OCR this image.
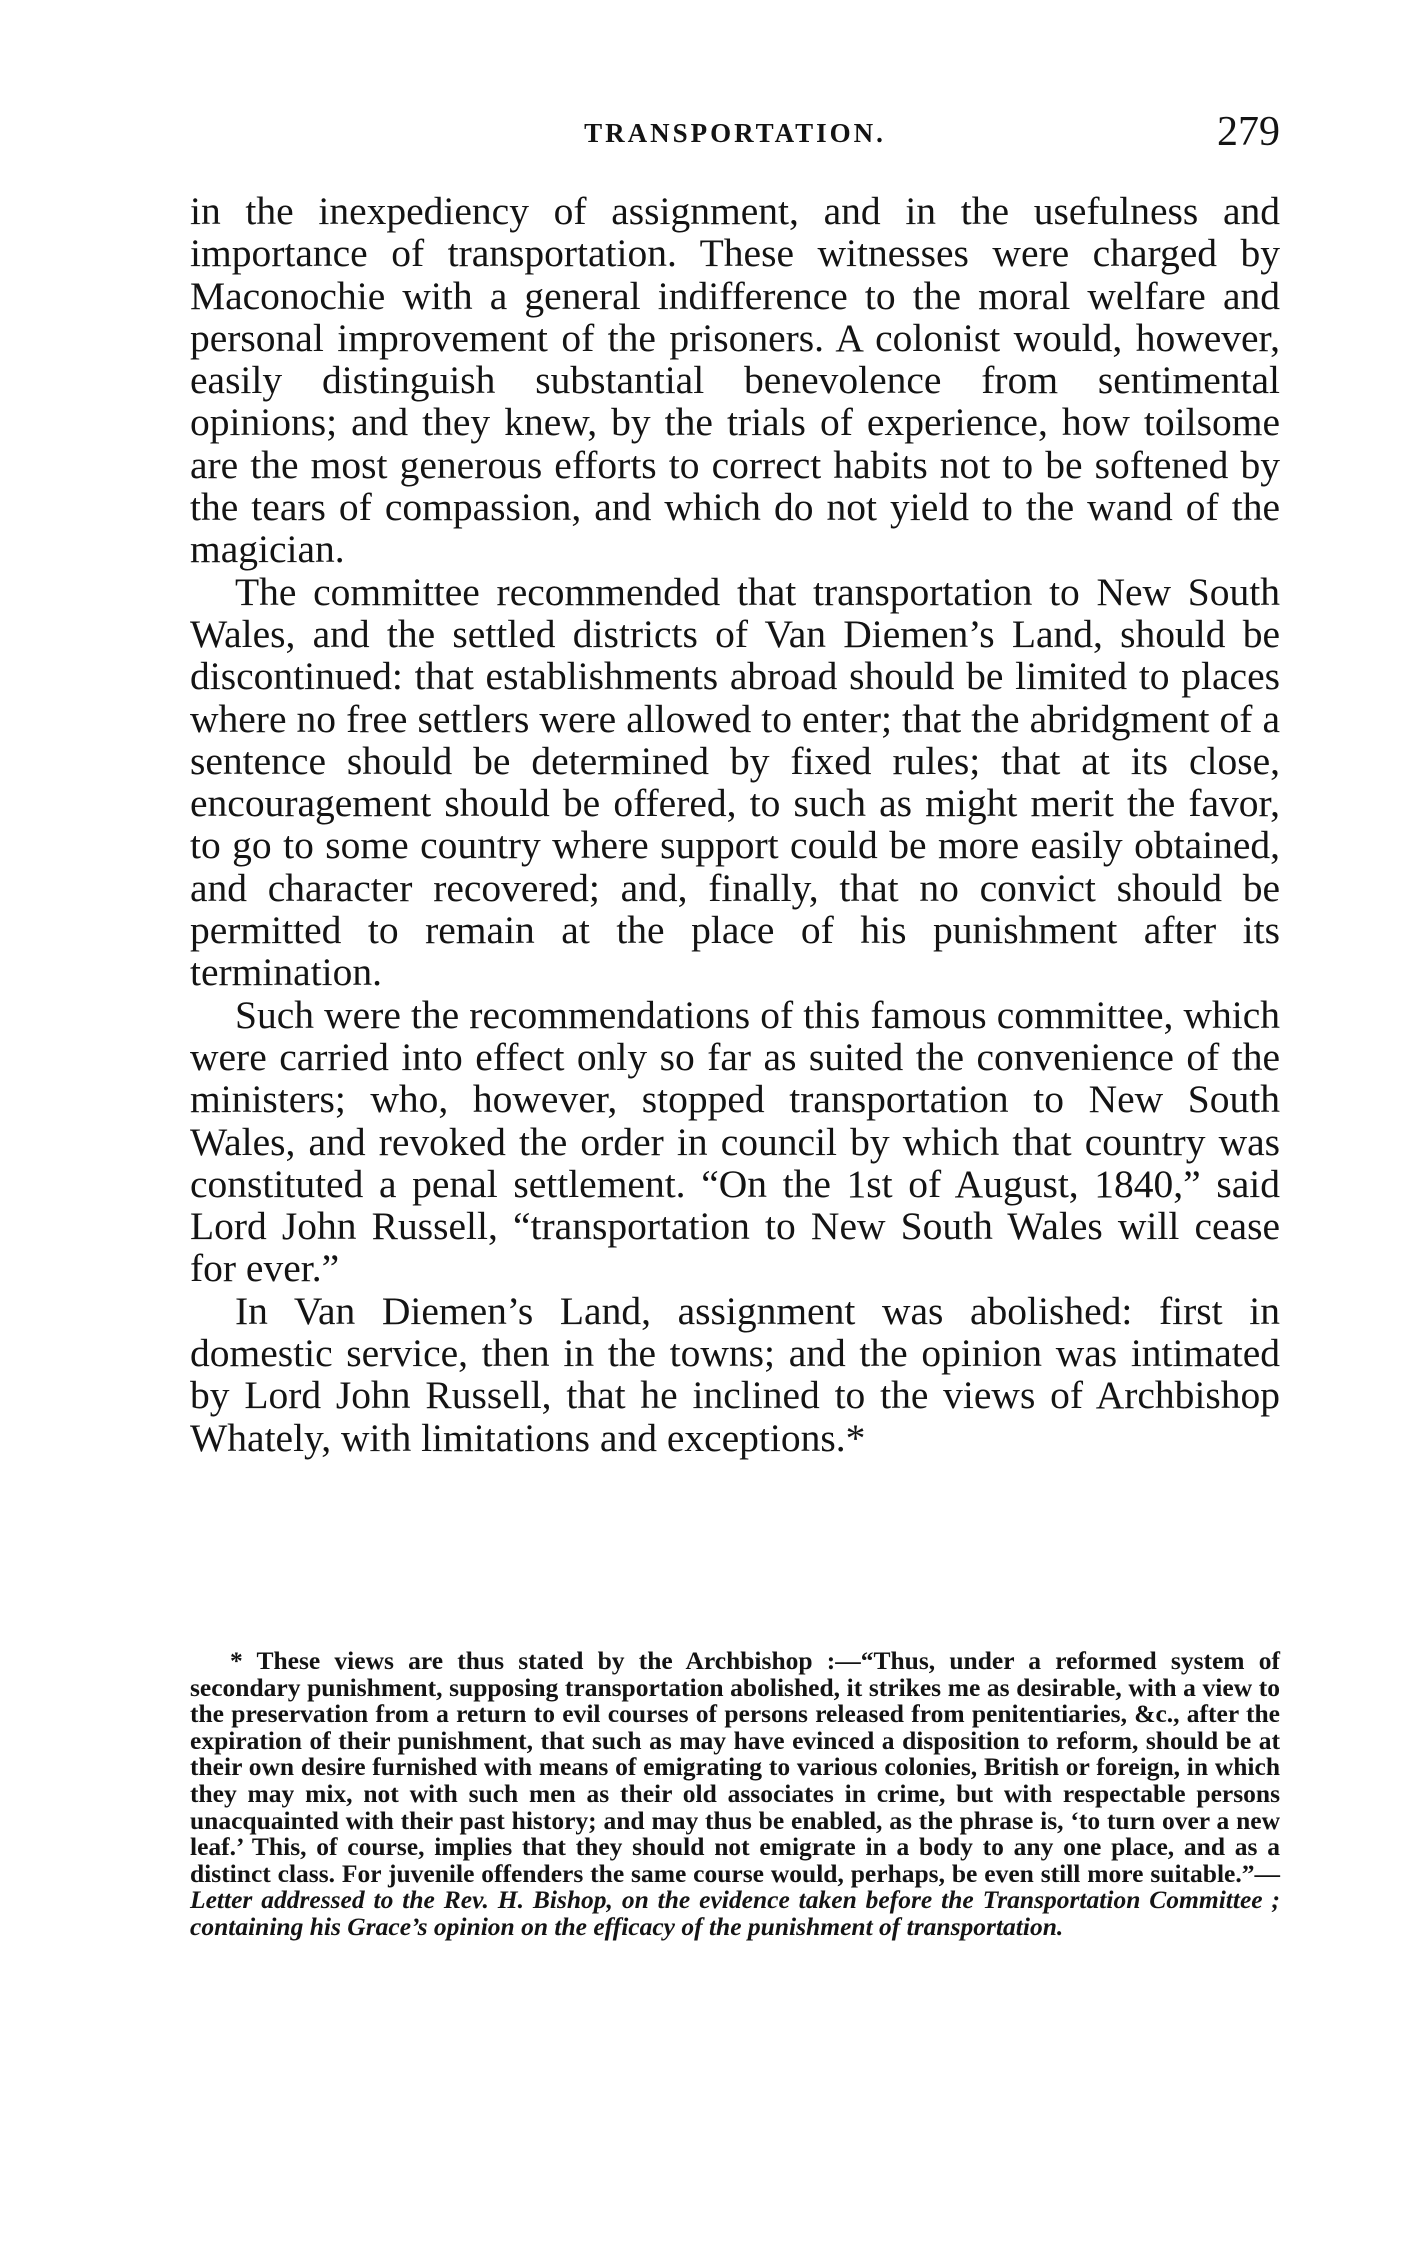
TRANSPORTATION.	279

in the inexpediency of assignment, and in the usefulness and importance of transportation. These witnesses were charged by Maconochie with a general indifference to the moral welfare and personal improvement of the prisoners. A colonist would, however, easily distinguish substantial benevolence from sentimental opinions; and they knew, by the trials of experience, how toilsome are the most generous efforts to correct habits not to be softened by the tears of compassion, and which do not yield to the wand of the magician.

The committee recommended that transportation to New South Wales, and the settled districts of Van Diemen’s Land, should be discontinued: that establishments abroad should be limited to places where no free settlers were allowed to enter; that the abridgment of a sentence should be determined by fixed rules; that at its close, encouragement should be offered, to such as might merit the favor, to go to some country where support could be more easily obtained, and character recovered; and, finally, that no convict should be permitted to remain at the place of his punishment after its termination.

Such were the recommendations of this famous committee, which were carried into effect only so far as suited the convenience of the ministers; who, however, stopped transportation to New South Wales, and revoked the order in council by which that country was constituted a penal settlement. “On the 1st of August, 1840,” said Lord John Russell, “transportation to New South Wales will cease for ever.”

In Van Diemen’s Land, assignment was abolished: first in domestic service, then in the towns; and the opinion was intimated by Lord John Russell, that he inclined to the views of Archbishop Whately, with limitations and exceptions.*

* These views are thus stated by the Archbishop :—“Thus, under a reformed system of secondary punishment, supposing transportation abolished, it strikes me as desirable, with a view to the preservation from a return to evil courses of persons released from penitentiaries, &c., after the expiration of their punishment, that such as may have evinced a disposition to reform, should be at their own desire furnished with means of emigrating to various colonies, British or foreign, in which they may mix, not with such men as their old associates in crime, but with respectable persons unacquainted with their past history; and may thus be enabled, as the phrase is, ‘to turn over a new leaf.’ This, of course, implies that they should not emigrate in a body to any one place, and as a distinct class. For juvenile offenders the same course would, perhaps, be even still more suitable.”—Letter addressed to the Rev. H. Bishop, on the evidence taken before the Transportation Committee ; containing his Grace’s opinion on the efficacy of the punishment of transportation.
